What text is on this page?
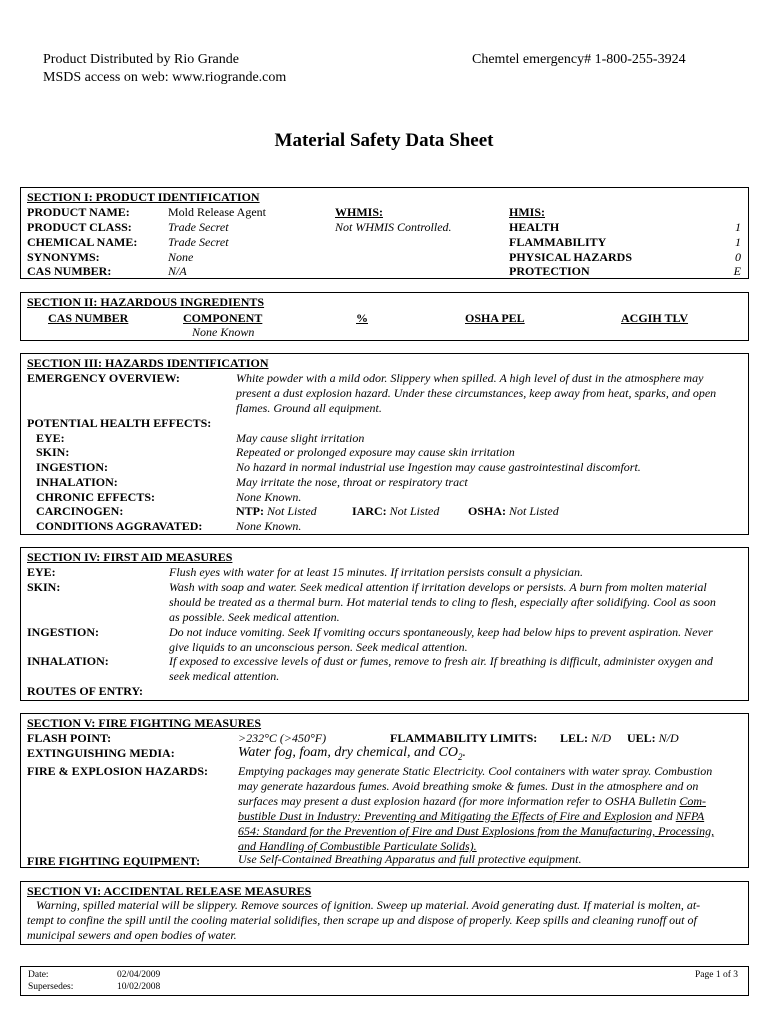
Product Distributed by Rio Grande
MSDS access on web: www.riogrande.com
Chemtel emergency# 1-800-255-3924
Material Safety Data Sheet
SECTION I: PRODUCT IDENTIFICATION
PRODUCT NAME:	Mold Release Agent
PRODUCT CLASS:	Trade Secret
CHEMICAL NAME:	Trade Secret
SYNONYMS:	None
CAS NUMBER:	N/A
WHMIS:
Not WHMIS Controlled.
HMIS:
HEALTH	1
FLAMMABILITY	1
PHYSICAL HAZARDS	0
PROTECTION	E
SECTION II: HAZARDOUS INGREDIENTS
CAS NUMBER	COMPONENT	%	OSHA PEL	ACGIH TLV
None Known
SECTION III: HAZARDS IDENTIFICATION
EMERGENCY OVERVIEW:	White powder with a mild odor. Slippery when spilled. A high level of dust in the atmosphere may
present a dust explosion hazard. Under these circumstances, keep away from heat, sparks, and open
flames. Ground all equipment.
POTENTIAL HEALTH EFFECTS:
EYE:	May cause slight irritation
SKIN:	Repeated or prolonged exposure may cause skin irritation
INGESTION:	No hazard in normal industrial use Ingestion may cause gastrointestinal discomfort.
INHALATION:	May irritate the nose, throat or respiratory tract
CHRONIC EFFECTS:	None Known.
CARCINOGEN:	NTP: Not Listed	IARC: Not Listed OSHA: Not Listed
CONDITIONS AGGRAVATED:	None Known.
SECTION IV: FIRST AID MEASURES
EYE:	Flush eyes with water for at least 15 minutes. If irritation persists consult a physician.
SKIN:	Wash with soap and water. Seek medical attention if irritation develops or persists. A burn from molten material
should be treated as a thermal burn. Hot material tends to cling to flesh, especially after solidifying. Cool as soon
as possible. Seek medical attention.
INGESTION:	Do not induce vomiting. Seek If vomiting occurs spontaneously, keep had below hips to prevent aspiration. Never
give liquids to an unconscious person. Seek medical attention.
INHALATION:	If exposed to excessive levels of dust or fumes, remove to fresh air. If breathing is difficult, administer oxygen and
seek medical attention.
ROUTES OF ENTRY:
SECTION V: FIRE FIGHTING MEASURES
FLASH POINT:	>232°C (>450°F)	FLAMMABILITY LIMITS: LEL: N/D UEL: N/D
EXTINGUISHING MEDIA:	Water fog, foam, dry chemical, and $CO_2$.
FIRE & EXPLOSION HAZARDS: Emptying packages may generate Static Electricity. Cool containers with water spray. Combustion
may generate hazardous fumes. Avoid breathing smoke & fumes. Dust in the atmosphere and on
surfaces may present a dust explosion hazard (for more information refer to OSHA Bulletin Com-
bustible Dust in Industry: Preventing and Mitigating the Effects of Fire and Explosion and NFPA
654: Standard for the Prevention of Fire and Dust Explosions from the Manufacturing, Processing,
and Handling of Combustible Particulate Solids).
FIRE FIGHTING EQUIPMENT:	Use Self-Contained Breathing Apparatus and full protective equipment.
SECTION VI: ACCIDENTAL RELEASE MEASURES
Warning, spilled material will be slippery. Remove sources of ignition. Sweep up material. Avoid generating dust. If material is molten, at-
tempt to confine the spill until the cooling material solidifies, then scrape up and dispose of properly. Keep spills and cleaning runoff out of
municipal sewers and open bodies of water.
Date:	02/04/2009
Supersedes:	10/02/2008
Page 1 of 3
